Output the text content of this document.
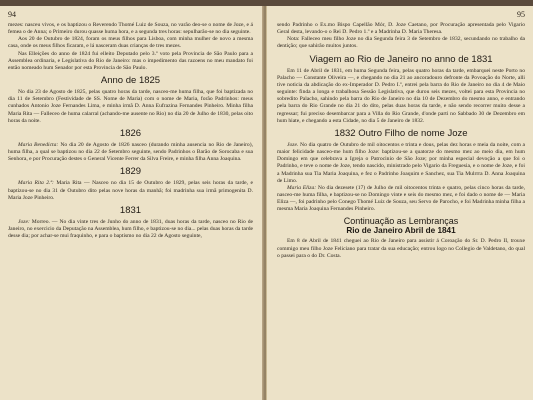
94

mezes: nasceu vivos, e os baptizou o Reverendo Thomé Luiz de Souza, no varão deo-se o nome de Joze, e á femea o de Anna; o Primeiro durou quasse huma hora, e a segunda tres horas: sepulharão-se no dia seguinte.

Aos 20 de Outubro de 1824, foram os meus filhos para Lisboa, com minha mulher de novo a mesma casa, onde os meus filhos ficaram, e lá nasceram duas crianças de tres mezes.

Nas Elleições do anno de 1824 fui elleito Deputado pelo 3.º voto pela Provincia de São Paulo para a Assemblea ordinaria, e Legislativa do Rio de Janeiro: mas o impedimento das razoens no meu mandato foi então nomeado hum Senador por esta Provincia de São Paulo.

Anno de 1825

No dia 23 de Agosto de 1825, pelas quatro horas da tarde, nasceo-me huma filha, que foi baptizada no dia 11 de Setembro (Festividade de SS. Nome de Maria) com o nome de Maria, forão Padrinhos: meus cunhados Antonio Joze Fernandes Lima, e minha irmã D. Anna Eufrazina Fernandes Pinheiro. Minha filha Maria Rita — Falleceo de huma calarral (achando-me ausente no Rio) no dia 20 de Julho de 1830, pelas oito horas da noite.

1826

Maria Benedicta: No dia 20 de Agosto de 1826 nasceo (durando minha ausencia no Rio de Janeiro), huma filha, a qual se baptizou no dia 22 de Setembro seguinte, sendo Padrinhos o Barão de Sorocaba e sua Senhora, e por Procuração destes o General Vicente Ferrer da Silva Freire, e minha filha Anna Joaquina.

1829

Maria Rita 2.ª: Maria Rita — Nasceo no dia 15 de Outubro de 1829, pelas seis horas da tarde, e baptizou-se no dia 31 de Outubro dito pelas nove horas da manhã; foi madrinha sua irmã primogenita D. Maria Joze Pinheiro.

1831

Joze: Morreo. — No dia vinte tres de Junho do anno de 1831, duas horas da tarde, nasceo no Rio de Janeiro, no exercicio da Deputação na Assemblea, hum filho, e baptizou-se no dia... pelas duas horas da tarde desse dia; por achar-se mui fraquinho, e para o baptismo no dia 22 de Agosto seguinte,

95

sendo Padrinho o Ex.mo Bispo Capellão Mór, D. Joze Caetano, por Procuração apresentada pelo Vigario Geral desta, levando-o o Rei D. Pedro 1.º e a Madrinha D. Maria Theresa.

Nota: Falleceo meu filho Joze no dia Segunda feira 3 de Setembro de 1832, secundando no trabalho da dentição; que sahirão muitos juntos.

Viagem ao Rio de Janeiro no anno de 1831

Em 11 de Abril de 1831, em huma Segunda feira, pelas quatro horas da tarde, embarquei neste Porto no Palacho — Constante Oliveira —, e chegando no dia 21 ao ancoradouro defronte da Povoação do Norte, alli tive noticia da abdicação do ex-Imperador D. Pedro I.º, entrei pela barra do Rio de Janeiro no dia 4 de Maio seguinte: finda a longa e trabalhosa Sessão Legislativa, que durou seis mezes, voltei para esta Provincia no sobredito Palacho, sahindo pela barra do Rio de Janeiro no dia 10 de Dezembro do mesmo anno, e entrando pela barra do Rio Grande no dia 21 do dito, pelas duas horas da tarde, e não sendo recorrer muito desse a regressar; fui preciso desembarcar para a Villa do Rio Grande, d'onde parti no Sabbado 30 de Dezembro em hum hiate, e chegando a esta Cidade, no dia 5 de Janeiro de 1832.

1832 Outro Filho de nome Joze

Joze. No dia quatro de Outubro de mil oitocentos e trinta e dous, pelas dez horas e meia da noite, com a maior felicidade nasceo-me hum filho Joze: baptizou-se a quatorze do mesmo mez ao meio dia, em hum Domingo em que celebrava a Igreja o Patrocinio de São Joze; por minha especial devoção a que foi o Padrinho, e teve o nome de Joze, tendo nascido, ministrado pelo Vigario da Freguesia, e o nome de Joze, e foi a Madrinha sua Tia Maria Joaquina, e fez o Padrinho Joaquim e Sanchez, sua Tia Mulrrra D. Anna Joaquina de Limo.

Maria Eliza: No dia dezesete (17) de Julho de mil oitocentos trinta e quatro, pelas cinco horas da tarde, nasceo-me huma filha, e baptizou-se no Domingo vinte e seis do mesmo mez, e foi dado o nome de — Maria Eliza —, foi padrinho pelo Conego Thomé Luiz de Souza, seu Servo de Parocho, e foi Madrinha minha filha a mesma Maria Joaquina Fernandes Pinheiro.

Continuação as Lembranças
Rio de Janeiro Abril de 1841

Em 8 de Abril de 1841 cheguei ao Rio de Janeiro para assistir á Coroação do Sr. D. Pedro II, trouxe commigo meu filho Joze Feliciano para tratar da sua educação; entrou logo no Collegio de Valdetano, do qual o passei para o do Dr. Costa.
